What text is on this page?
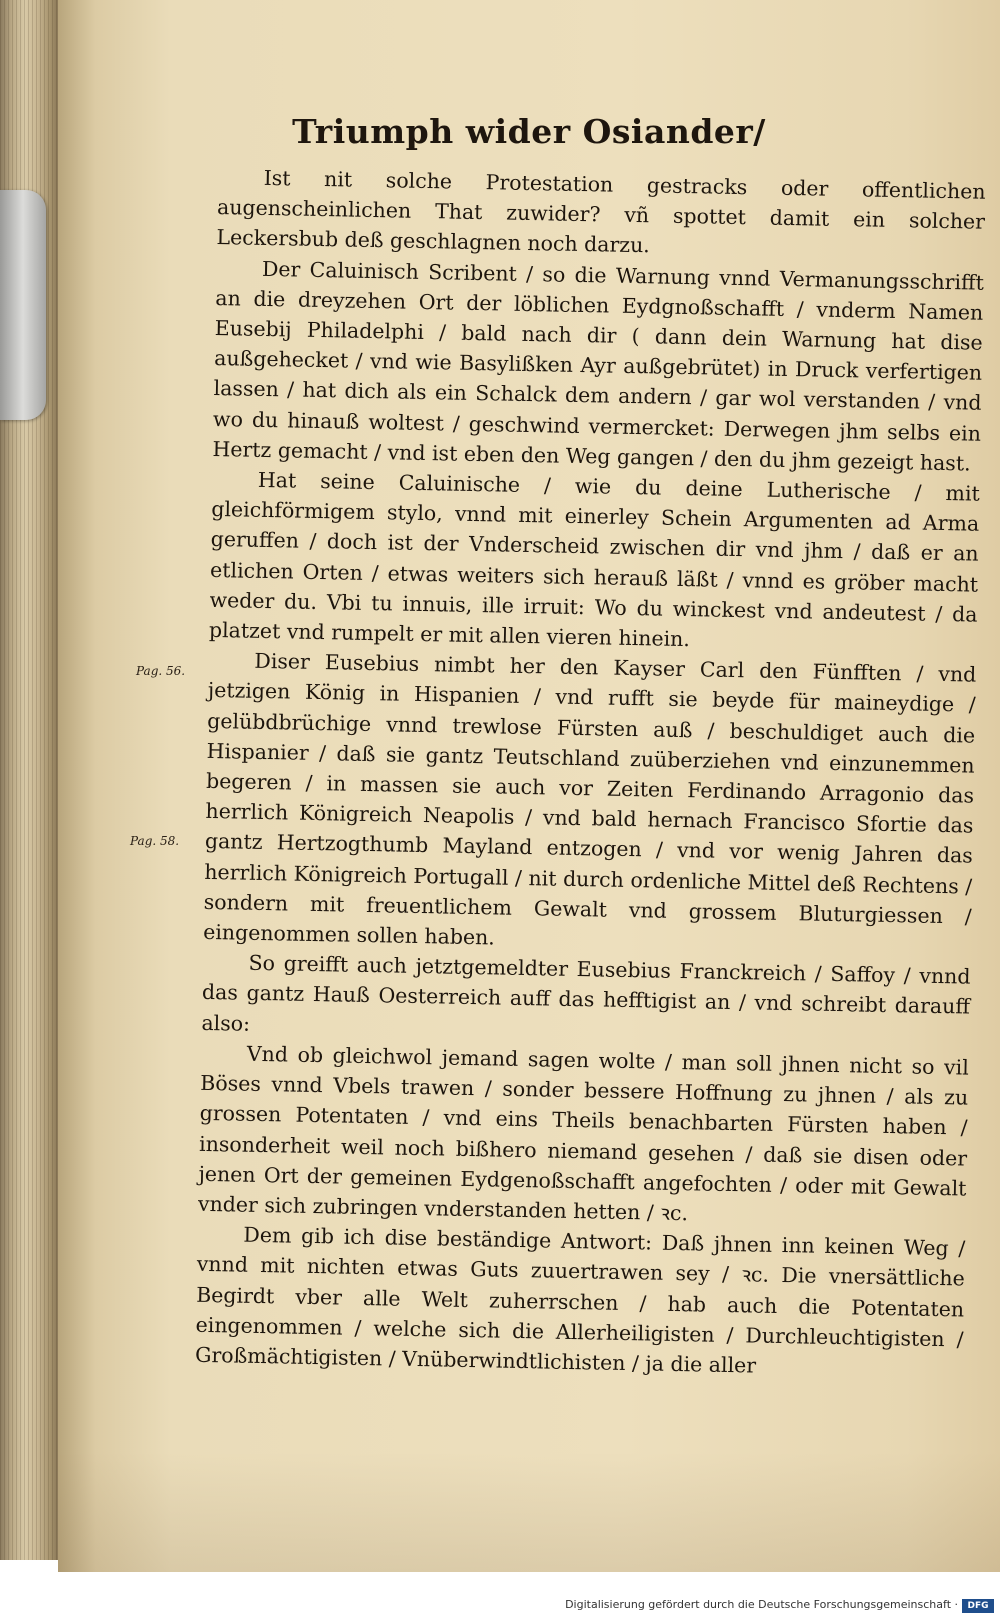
Triumph wider Osiander/

Ist nit solche Protestation gestracks oder offentlichen augenscheinlichen That zuwider? vñ spottet damit ein solcher Leckersbub deß geschlagnen noch darzu.

Der Caluinisch Scribent / so die Warnung vnnd Vermanungsschrifft an die dreyzehen Ort der löblichen Eydgnoßschafft / vnderm Namen Eusebij Philadelphi / bald nach dir ( dann dein Warnung hat dise außgehecket / vnd wie Basylißken Ayr außgebrütet) in Druck verfertigen lassen / hat dich als ein Schalck dem andern / gar wol verstanden / vnd wo du hinauß woltest / geschwind vermercket: Derwegen jhm selbs ein Hertz gemacht / vnd ist eben den Weg gangen / den du jhm gezeigt hast.

Hat seine Caluinische / wie du deine Lutherische / mit gleichförmigem stylo, vnnd mit einerley Schein Argumenten ad Arma geruffen / doch ist der Vnderscheid zwischen dir vnd jhm / daß er an etlichen Orten / etwas weiters sich herauß läßt / vnnd es gröber macht weder du. Vbi tu innuis, ille irruit: Wo du winckest vnd andeutest / da platzet vnd rumpelt er mit allen vieren hinein.

Diser Eusebius nimbt her den Kayser Carl den Fünfften / vnd jetzigen König in Hispanien / vnd rufft sie beyde für maineydige / gelübdbrüchige vnnd trewlose Fürsten auß / beschuldiget auch die Hispanier / daß sie gantz Teutschland zuüberziehen vnd einzunemmen begeren / in massen sie auch vor Zeiten Ferdinando Arragonio das herrlich Königreich Neapolis / vnd bald hernach Francisco Sfortie das gantz Hertzogthumb Mayland entzogen / vnd vor wenig Jahren das herrlich Königreich Portugall / nit durch ordenliche Mittel deß Rechtens / sondern mit freuentlichem Gewalt vnd grossem Bluturgiessen / eingenommen sollen haben.

So greifft auch jetztgemeldter Eusebius Franckreich / Saffoy / vnnd das gantz Hauß Oesterreich auff das hefftigist an / vnd schreibt darauff also:

Vnd ob gleichwol jemand sagen wolte / man soll jhnen nicht so vil Böses vnnd Vbels trawen / sonder bessere Hoffnung zu jhnen / als zu grossen Potentaten / vnd eins Theils benachbarten Fürsten haben / insonderheit weil noch bißhero niemand gesehen / daß sie disen oder jenen Ort der gemeinen Eydgenoßschafft angefochten / oder mit Gewalt vnder sich zubringen vnderstanden hetten / ꝛc.

Dem gib ich dise beständige Antwort: Daß jhnen inn keinen Weg / vnnd mit nichten etwas Guts zuuertrawen sey / ꝛc. Die vnersättliche Begirdt vber alle Welt zuherrschen / hab auch die Potentaten eingenommen / welche sich die Allerheiligisten / Durchleuchtigisten / Großmächtigisten / Vnüberwindtlichisten / ja die aller

Pag. 56.
Pag. 58.
Digitalisierung gefördert durch die Deutsche Forschungsgemeinschaft ·	DFG
